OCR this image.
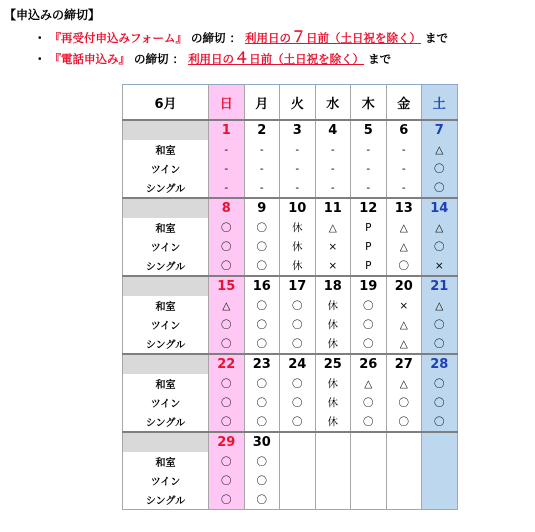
【申込みの締切】
・ 『再受付申込みフォーム』 の締切 ： 利用日の７日前（土日祝を除く） まで
・ 『電話申込み』 の締切 ： 利用日の４日前（土日祝を除く） まで
6月	日	月	火	水	木	金	土
	1	2	3	4	5	6	7
和室	-	-	-	-	-	-	△
ツイン	-	-	-	-	-	-	〇
シングル	-	-	-	-	-	-	〇
	8	9	10	11	12	13	14
和室	〇	〇	休	△	P	△	△
ツイン	〇	〇	休	×	P	△	〇
シングル	〇	〇	休	×	P	〇	×
	15	16	17	18	19	20	21
和室	△	〇	〇	休	〇	×	△
ツイン	〇	〇	〇	休	〇	△	〇
シングル	〇	〇	〇	休	〇	△	〇
	22	23	24	25	26	27	28
和室	〇	〇	〇	休	△	△	〇
ツイン	〇	〇	〇	休	〇	〇	〇
シングル	〇	〇	〇	休	〇	〇	〇
	29	30					
和室	〇	〇					
ツイン	〇	〇					
シングル	〇	〇					
